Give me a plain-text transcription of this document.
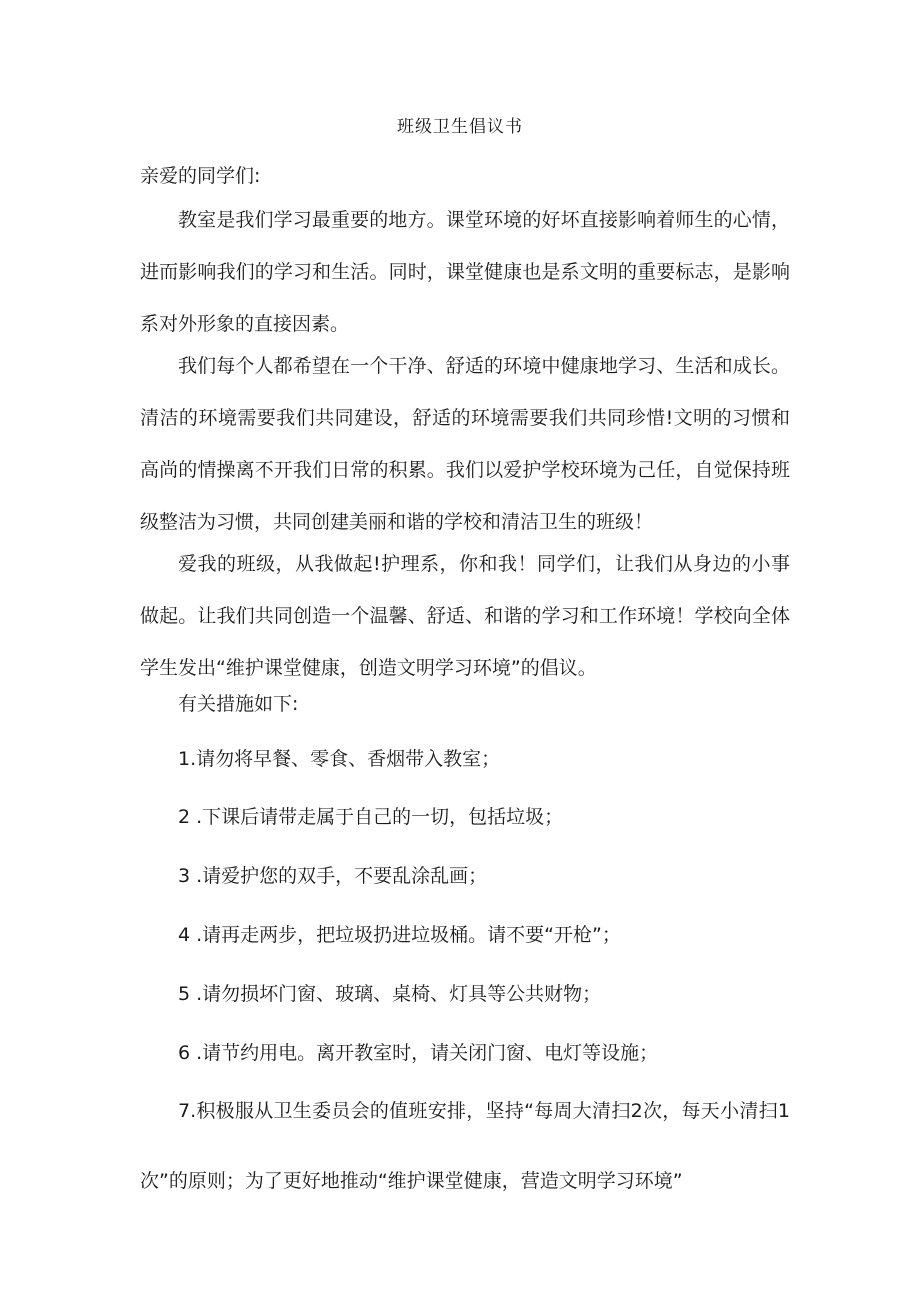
班级卫生倡议书
亲爱的同学们:

教室是我们学习最重要的地方。课堂环境的好坏直接影响着师生的心情，进而影响我们的学习和生活。同时，课堂健康也是系文明的重要标志，是影响系对外形象的直接因素。

我们每个人都希望在一个干净、舒适的环境中健康地学习、生活和成长。清洁的环境需要我们共同建设，舒适的环境需要我们共同珍惜!文明的习惯和高尚的情操离不开我们日常的积累。我们以爱护学校环境为己任，自觉保持班级整洁为习惯，共同创建美丽和谐的学校和清洁卫生的班级！

爱我的班级，从我做起!护理系，你和我！同学们，让我们从身边的小事做起。让我们共同创造一个温馨、舒适、和谐的学习和工作环境！学校向全体学生发出“维护课堂健康，创造文明学习环境”的倡议。

有关措施如下:

1.请勿将早餐、零食、香烟带入教室；

2 .下课后请带走属于自己的一切，包括垃圾；

3 .请爱护您的双手，不要乱涂乱画；

4 .请再走两步，把垃圾扔进垃圾桶。请不要“开枪”；

5 .请勿损坏门窗、玻璃、桌椅、灯具等公共财物；

6 .请节约用电。离开教室时，请关闭门窗、电灯等设施；

7.积极服从卫生委员会的值班安排，坚持“每周大清扫2次，每天小清扫1次”的原则；为了更好地推动“维护课堂健康，营造文明学习环境”
